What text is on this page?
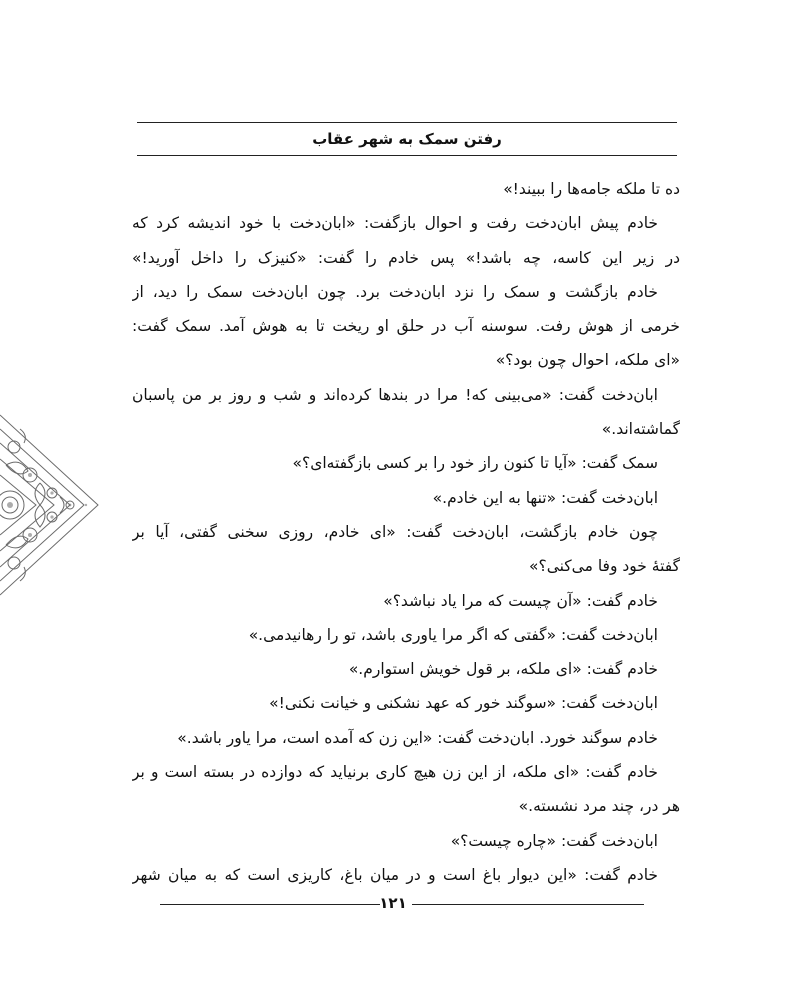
رفتن سمک به شهر عقاب
ده تا ملکه جامه‌ها را ببیند!»
خادم پیش ابان‌دخت رفت و احوال بازگفت: «ابان‌دخت با خود اندیشه کرد که
در زیر این کاسه، چه باشد!» پس خادم را گفت: «کنیزک را داخل آورید!»
خادم بازگشت و سمک را نزد ابان‌دخت برد. چون ابان‌دخت سمک را دید، از
خرمی از هوش رفت. سوسنه آب در حلق او ریخت تا به هوش آمد. سمک گفت:
«ای ملکه، احوال چون بود؟»
ابان‌دخت گفت: «می‌بینی که! مرا در بندها کرده‌اند و شب و روز بر من پاسبان
گماشته‌اند.»
سمک گفت: «آیا تا کنون راز خود را بر کسی بازگفته‌ای؟»
ابان‌دخت گفت: «تنها به این خادم.»
چون خادم بازگشت، ابان‌دخت گفت: «ای خادم، روزی سخنی گفتی، آیا بر
گفتهٔ خود وفا می‌کنی؟»
خادم گفت: «آن چیست که مرا یاد نباشد؟»
ابان‌دخت گفت: «گفتی که اگر مرا یاوری باشد، تو را رهانیدمی.»
خادم گفت: «ای ملکه، بر قول خویش استوارم.»
ابان‌دخت گفت: «سوگند خور که عهد نشکنی و خیانت نکنی!»
خادم سوگند خورد. ابان‌دخت گفت: «این زن که آمده است، مرا یاور باشد.»
خادم گفت: «ای ملکه، از این زن هیچ کاری برنیاید که دوازده در بسته است و بر
هر در، چند مرد نشسته.»
ابان‌دخت گفت: «چاره چیست؟»
خادم گفت: «این دیوار باغ است و در میان باغ، کاریزی است که به میان شهر
۱۲۱
